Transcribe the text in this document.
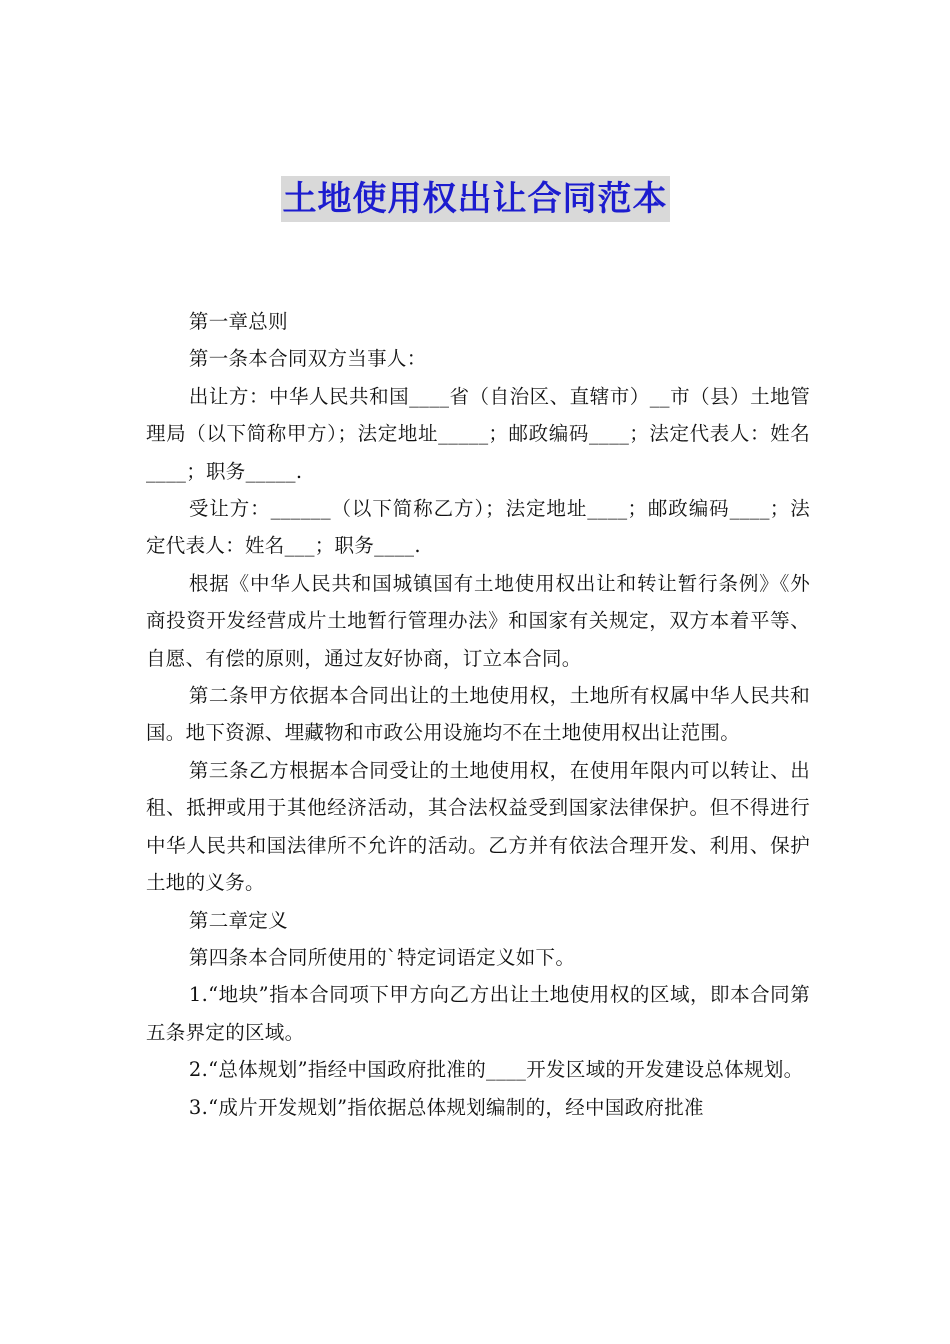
土地使用权出让合同范本

第一章总则

第一条本合同双方当事人：

出让方：中华人民共和国____省（自治区、直辖市）__市（县）土地管理局（以下简称甲方）；法定地址_____；邮政编码____；法定代表人：姓名____；职务_____.

受让方：______（以下简称乙方）；法定地址____；邮政编码____；法定代表人：姓名___；职务____.

根据《中华人民共和国城镇国有土地使用权出让和转让暂行条例》《外商投资开发经营成片土地暂行管理办法》和国家有关规定，双方本着平等、自愿、有偿的原则，通过友好协商，订立本合同。

第二条甲方依据本合同出让的土地使用权，土地所有权属中华人民共和国。地下资源、埋藏物和市政公用设施均不在土地使用权出让范围。

第三条乙方根据本合同受让的土地使用权，在使用年限内可以转让、出租、抵押或用于其他经济活动，其合法权益受到国家法律保护。但不得进行中华人民共和国法律所不允许的活动。乙方并有依法合理开发、利用、保护土地的义务。

第二章定义

第四条本合同所使用的`特定词语定义如下。

1.“地块”指本合同项下甲方向乙方出让土地使用权的区域，即本合同第五条界定的区域。

2.“总体规划”指经中国政府批准的____开发区域的开发建设总体规划。

3.“成片开发规划”指依据总体规划编制的，经中国政府批准
